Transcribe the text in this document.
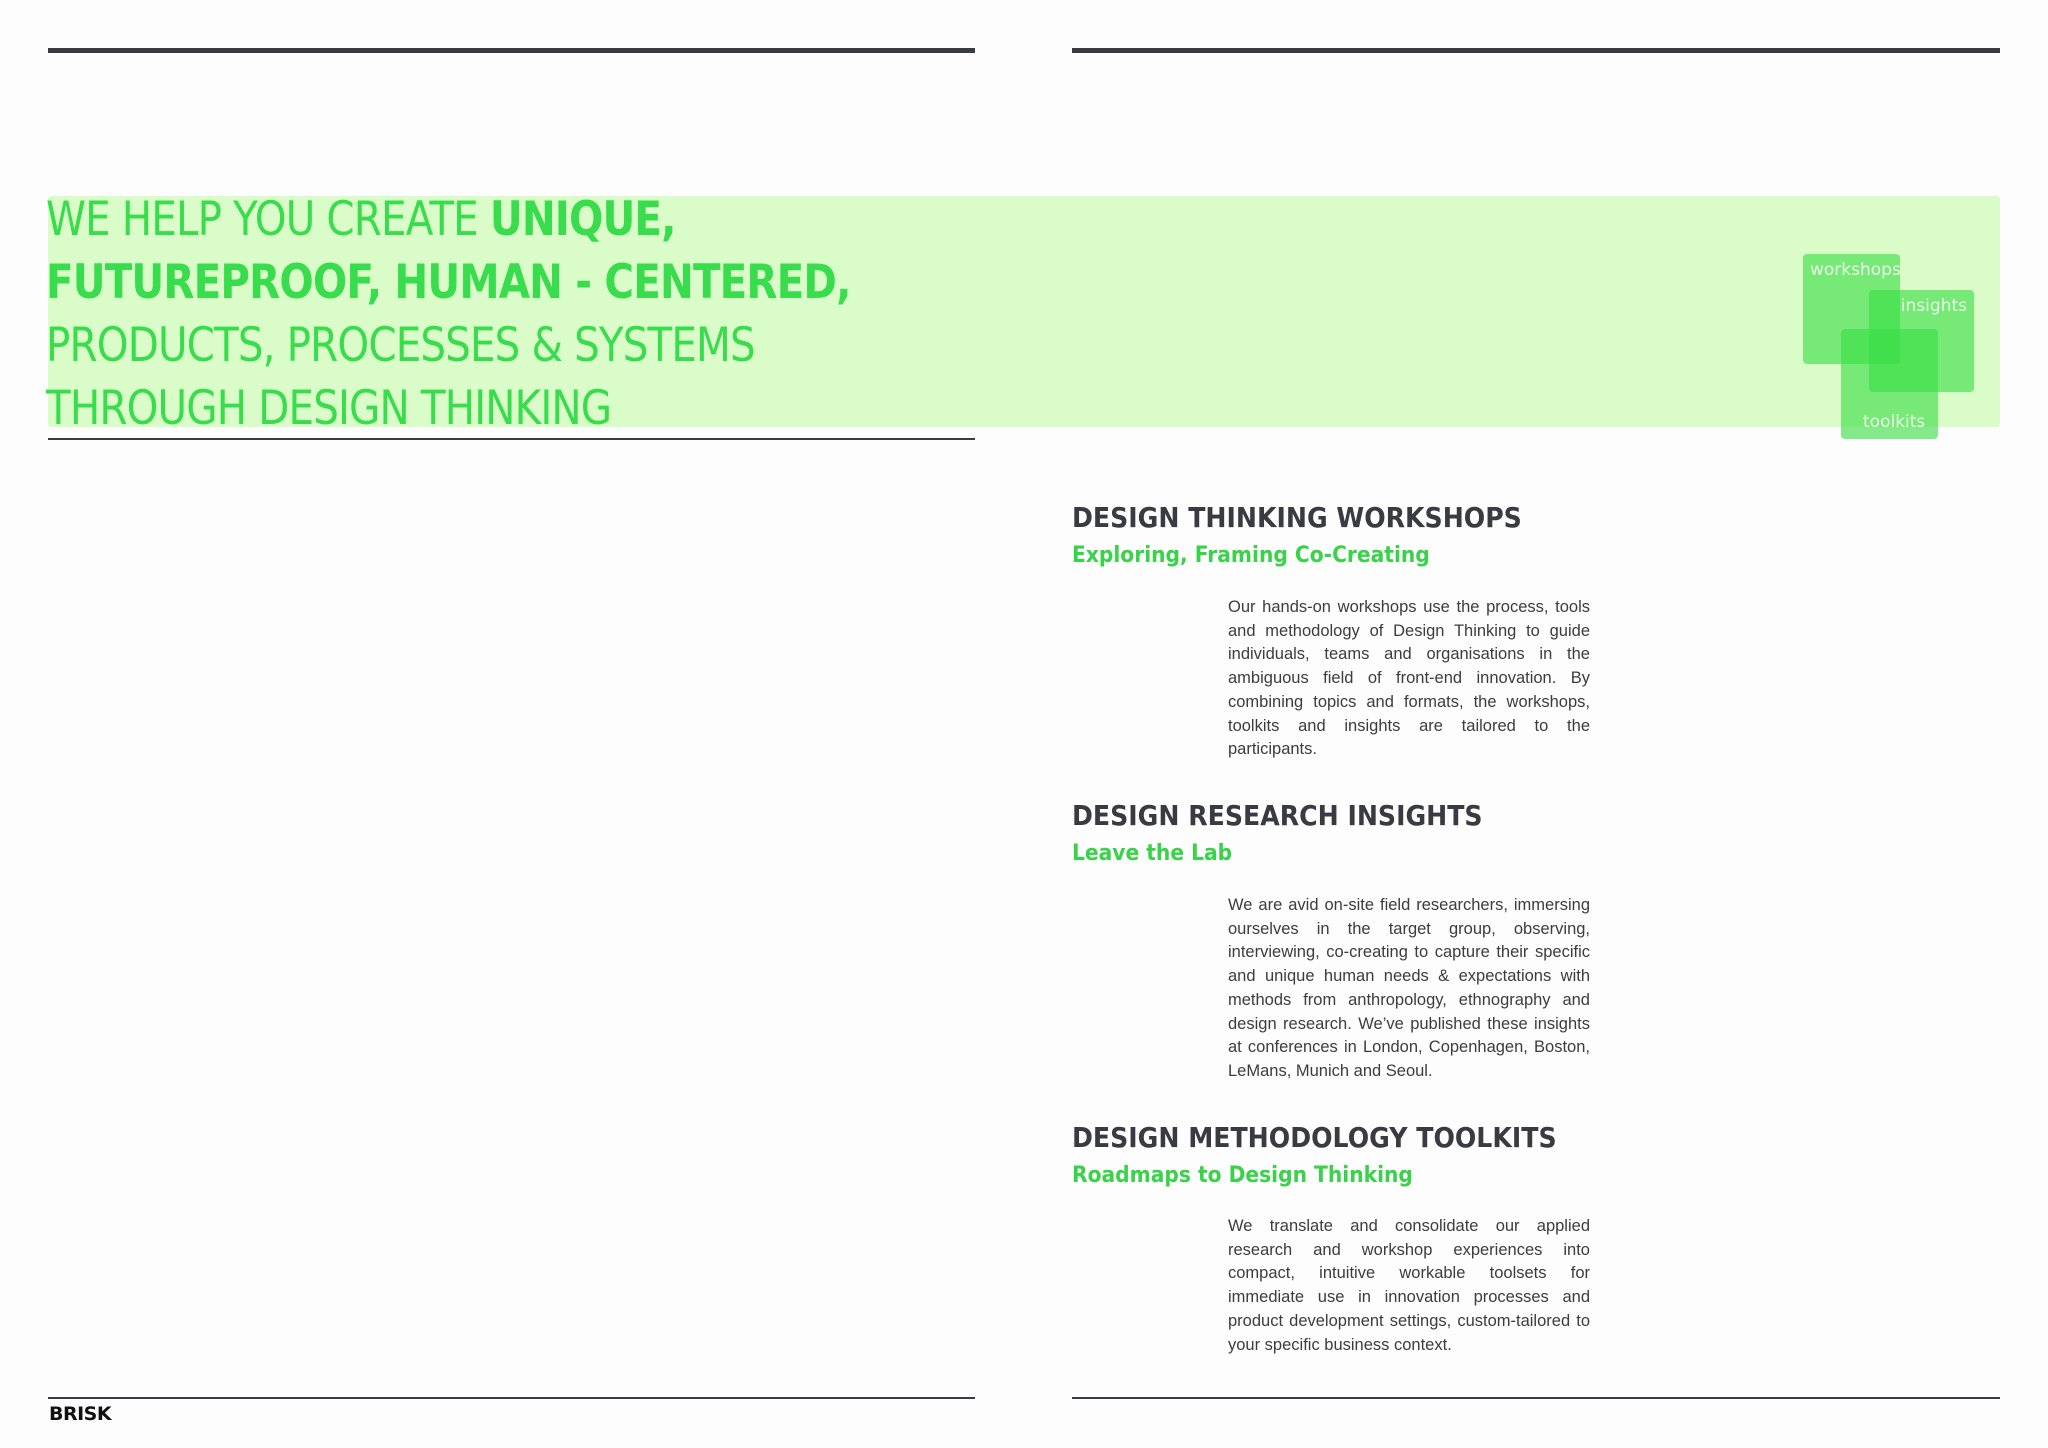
WE HELP YOU CREATE UNIQUE,
FUTUREPROOF, HUMAN - CENTERED,
PRODUCTS, PROCESSES & SYSTEMS
THROUGH DESIGN THINKING
workshops
insights
toolkits
DESIGN THINKING WORKSHOPS
Exploring, Framing Co-Creating

Our hands-on workshops use the process, tools and methodology of Design Thinking to guide individuals, teams and organisations in the ambiguous field of front-end innovation. By combining topics and formats, the workshops, toolkits and insights are tailored to the participants.

DESIGN RESEARCH INSIGHTS
Leave the Lab

We are avid on-site field researchers, immersing ourselves in the target group, observing, interviewing, co-creating to capture their specific and unique human needs & expectations with methods from anthropology, ethnography and design research. We’ve published these insights at conferences in London, Copenhagen, Boston, LeMans, Munich and Seoul.

DESIGN METHODOLOGY TOOLKITS
Roadmaps to Design Thinking

We translate and consolidate our applied research and workshop experiences into compact, intuitive workable toolsets for immediate use in innovation processes and product development settings, custom-tailored to your specific business context.

BRISK
